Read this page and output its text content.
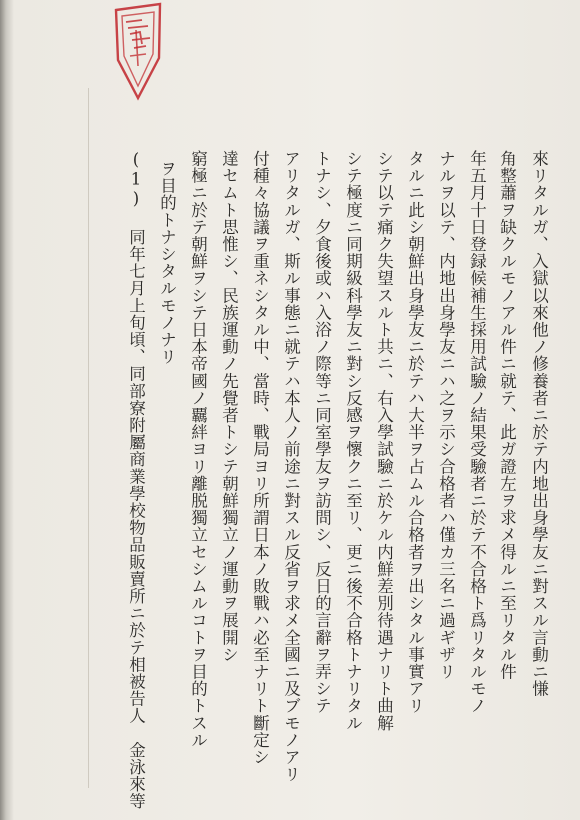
來リタルガ、入獄以來他ノ修養者ニ於テ内地出身學友ニ對スル言動ニ慊
角整蕭ヲ缺クルモノアル件ニ就テ、此ガ證左ヲ求メ得ルニ至リタル件
年五月十日登録候補生採用試驗ノ結果受驗者ニ於テ不合格ト爲リタルモノ
ナルヲ以テ、内地出身學友ニハ之ヲ示シ合格者ハ僅カ三名ニ過ギザリ
タルニ此シ朝鮮出身學友ニ於テハ大半ヲ占ムル合格者ヲ出シタル事實アリ
シテ以テ痛ク失望スルト共ニ、右入學試驗ニ於ケル内鮮差別待遇ナリト曲解
シテ極度ニ同期級科學友ニ對シ反感ヲ懷クニ至リ、更ニ後不合格トナリタル
トナシ、夕食後或ハ入浴ノ際等ニ同室學友ヲ訪問シ、反日的言辭ヲ弄シテ
アリタルガ、斯ル事態ニ就テハ本人ノ前途ニ對スル反省ヲ求メ全國ニ及ブモノアリ
付種々協議ヲ重ネシタル中、當時、戰局ヨリ所謂日本ノ敗戰ハ必至ナリト斷定シ
達セムト思惟シ、民族運動ノ先覺者トシテ朝鮮獨立ノ運動ヲ展開シ
窮極ニ於テ朝鮮ヲシテ日本帝國ノ覊絆ヨリ離脱獨立セシムルコトヲ目的トスル
ヲ目的トナシタルモノナリ
(1) 同年七月上旬頃、同部寮附屬商業學校物品販賣所ニ於テ相被告人　金泳來等
